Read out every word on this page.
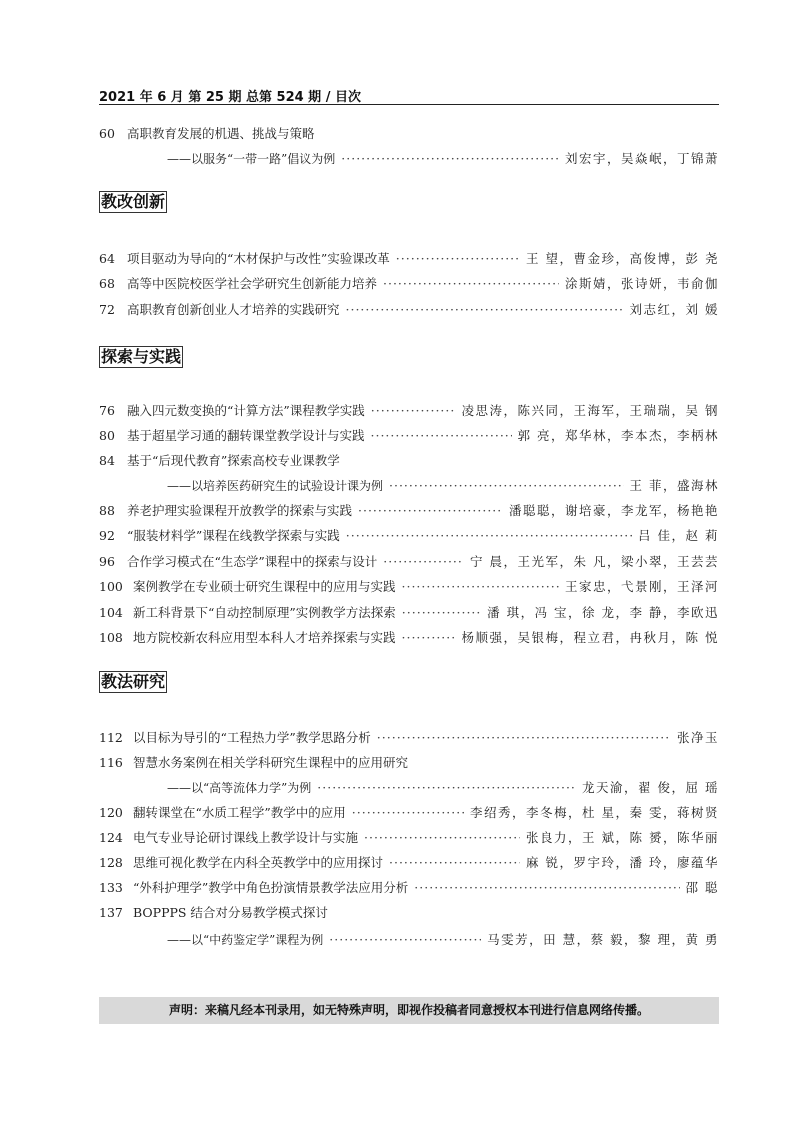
2021 年 6 月 第 25 期 总第 524 期 / 目次
60 高职教育发展的机遇、挑战与策略
——以服务“一带一路”倡议为例 ·····	刘宏宇，吴焱岷，丁锦萧
教改创新
64 项目驱动为导向的“木材保护与改性”实验课改革 ·····	王 望，曹金珍，高俊博，彭 尧
68 高等中医院校医学社会学研究生创新能力培养 ·····	涂斯婧，张诗妍，韦俞伽
72 高职教育创新创业人才培养的实践研究 ·····	刘志红，刘 媛
探索与实践
76 融入四元数变换的“计算方法”课程教学实践 ·····	凌思涛，陈兴同，王海军，王瑞瑞，吴 钢
80 基于超星学习通的翻转课堂教学设计与实践 ·····	郭 亮，郑华林，李本杰，李柄林
84 基于“后现代教育”探索高校专业课教学
——以培养医药研究生的试验设计课为例 ·····	王 菲，盛海林
88 养老护理实验课程开放教学的探索与实践 ·····	潘聪聪，谢培豪，李龙军，杨艳艳
92 “服装材料学”课程在线教学探索与实践 ·····	吕 佳，赵 莉
96 合作学习模式在“生态学”课程中的探索与设计 ·····	宁 晨，王光军，朱 凡，梁小翠，王芸芸
100 案例教学在专业硕士研究生课程中的应用与实践 ·····	王家忠，弋景刚，王泽河
104 新工科背景下“自动控制原理”实例教学方法探索 ·····	潘 琪，冯 宝，徐 龙，李 静，李欧迅
108 地方院校新农科应用型本科人才培养探索与实践 ·····	杨顺强，吴银梅，程立君，冉秋月，陈 悦
教法研究
112 以目标为导引的“工程热力学”教学思路分析 ·····	张净玉
116 智慧水务案例在相关学科研究生课程中的应用研究
——以“高等流体力学”为例 ·····	龙天渝，翟 俊，屈 瑶
120 翻转课堂在“水质工程学”教学中的应用 ·····	李绍秀，李冬梅，杜 星，秦 雯，蒋树贤
124 电气专业导论研讨课线上教学设计与实施 ·····	张良力，王 斌，陈 赟，陈华丽
128 思维可视化教学在内科全英教学中的应用探讨 ·····	麻 锐，罗宇玲，潘 玲，廖蕴华
133 “外科护理学”教学中角色扮演情景教学法应用分析 ·····	邵 聪
137 BOPPPS 结合对分易教学模式探讨
——以“中药鉴定学”课程为例 ·····	马雯芳，田 慧，蔡 毅，黎 理，黄 勇
声明：来稿凡经本刊录用，如无特殊声明，即视作投稿者同意授权本刊进行信息网络传播。
